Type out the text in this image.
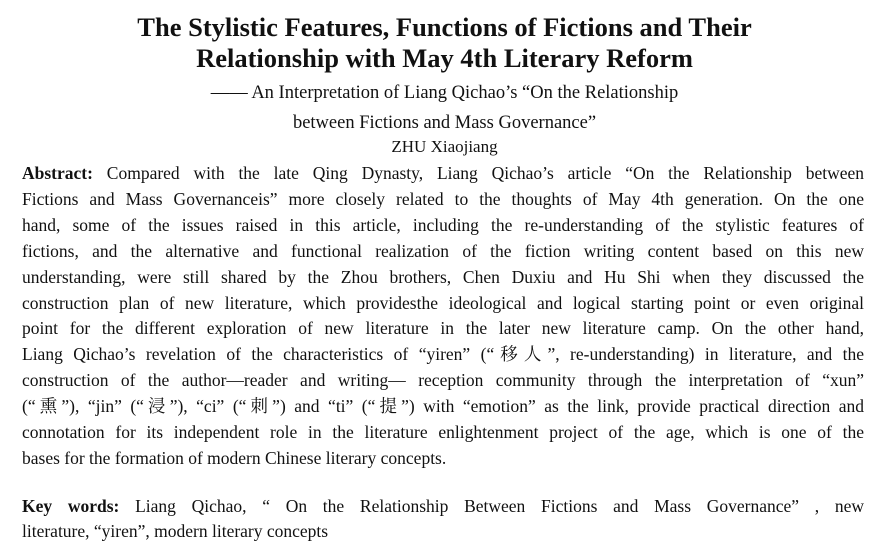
The Stylistic Features, Functions of Fictions and Their
Relationship with May 4th Literary Reform
—— An Interpretation of Liang Qichao’s “On the Relationship
between Fictions and Mass Governance”
ZHU Xiaojiang
Abstract: Compared with the late Qing Dynasty, Liang Qichao’s article “On the Relationship between
Fictions and Mass Governanceis” more closely related to the thoughts of May 4th generation. On the one
hand, some of the issues raised in this article, including the re-understanding of the stylistic features of
fictions, and the alternative and functional realization of the fiction writing content based on this new
understanding, were still shared by the Zhou brothers, Chen Duxiu and Hu Shi when they discussed the
construction plan of new literature, which providesthe ideological and logical starting point or even original
point for the different exploration of new literature in the later new literature camp. On the other hand,
Liang Qichao’s revelation of the characteristics of “yiren” (“移人”, re-understanding) in literature, and the
construction of the author—reader and writing— reception community through the interpretation of “xun”
(“熏”), “jin” (“浸”), “ci” (“刺”) and “ti” (“提”) with “emotion” as the link, provide practical direction and
connotation for its independent role in the literature enlightenment project of the age, which is one of the
bases for the formation of modern Chinese literary concepts.
Key words: Liang Qichao, “ On the Relationship Between Fictions and Mass Governance” , new
literature, “yiren”, modern literary concepts
